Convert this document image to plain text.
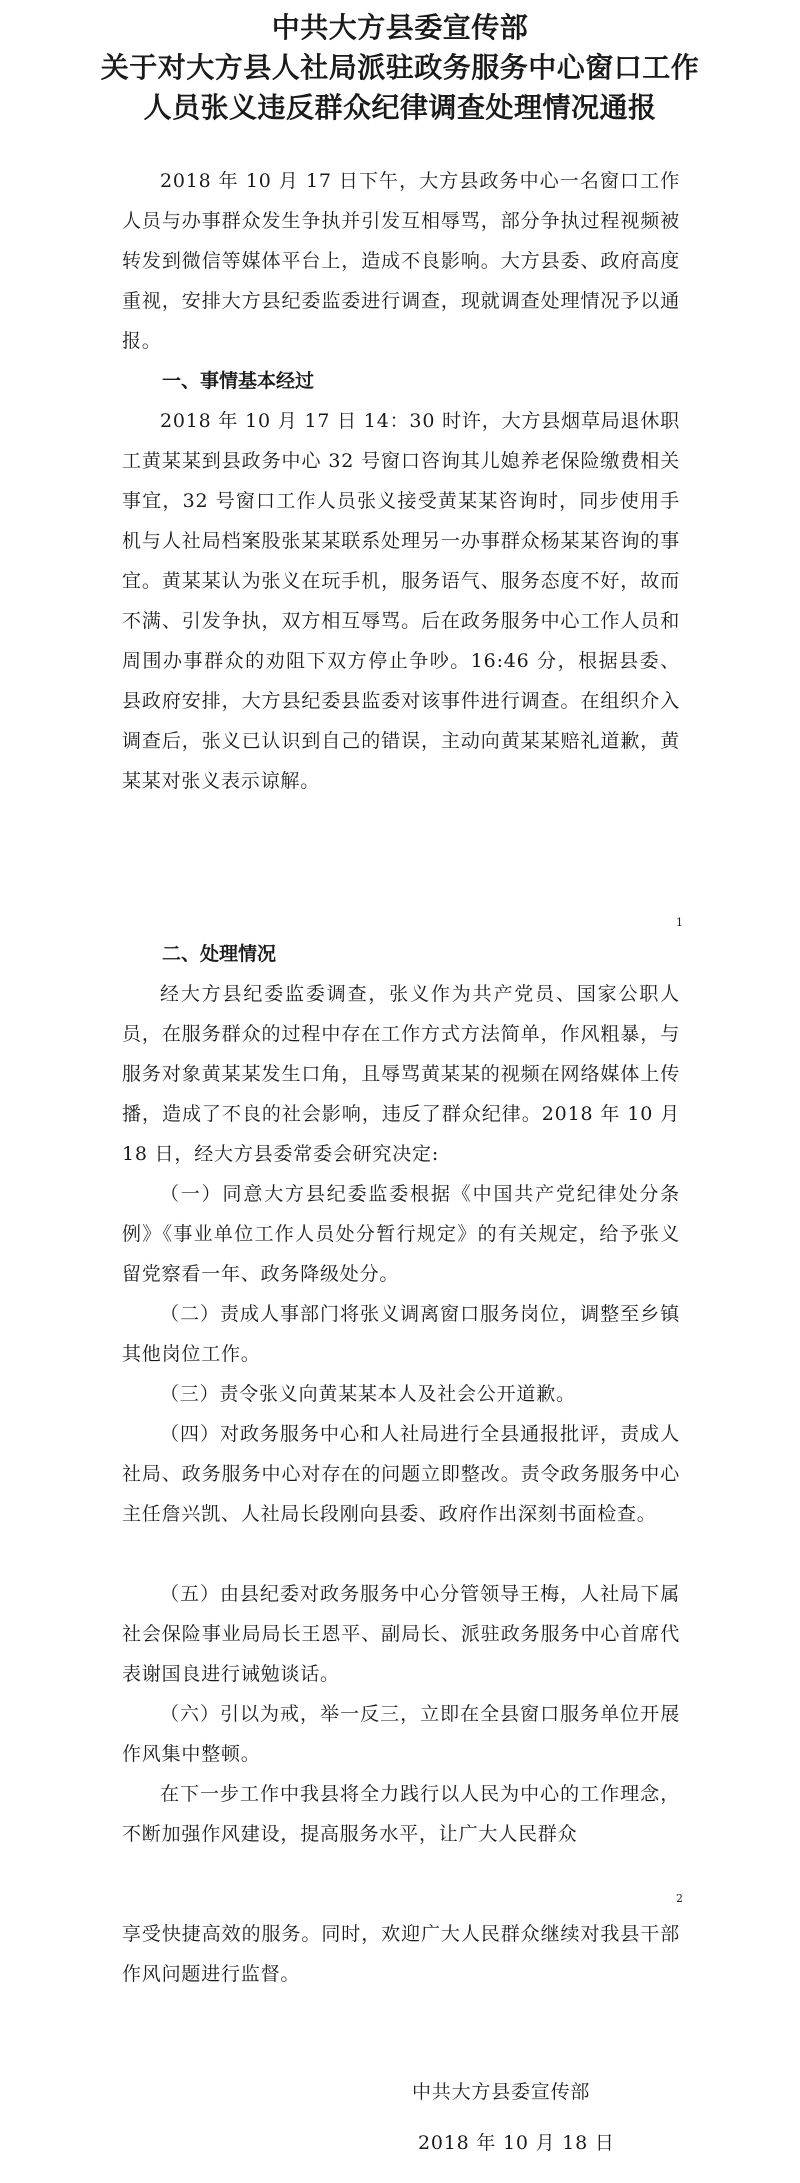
中共大方县委宣传部
关于对大方县人社局派驻政务服务中心窗口工作
人员张义违反群众纪律调查处理情况通报

2018 年 10 月 17 日下午，大方县政务中心一名窗口工作人员与办事群众发生争执并引发互相辱骂，部分争执过程视频被转发到微信等媒体平台上，造成不良影响。大方县委、政府高度重视，安排大方县纪委监委进行调查，现就调查处理情况予以通报。

一、事情基本经过

2018 年 10 月 17 日 14：30 时许，大方县烟草局退休职工黄某某到县政务中心 32 号窗口咨询其儿媳养老保险缴费相关事宜，32 号窗口工作人员张义接受黄某某咨询时，同步使用手机与人社局档案股张某某联系处理另一办事群众杨某某咨询的事宜。黄某某认为张义在玩手机，服务语气、服务态度不好，故而不满、引发争执，双方相互辱骂。后在政务服务中心工作人员和周围办事群众的劝阻下双方停止争吵。16:46 分，根据县委、县政府安排，大方县纪委县监委对该事件进行调查。在组织介入调查后，张义已认识到自己的错误，主动向黄某某赔礼道歉，黄某某对张义表示谅解。

1

二、处理情况

经大方县纪委监委调查，张义作为共产党员、国家公职人员，在服务群众的过程中存在工作方式方法简单，作风粗暴，与服务对象黄某某发生口角，且辱骂黄某某的视频在网络媒体上传播，造成了不良的社会影响，违反了群众纪律。2018 年 10 月 18 日，经大方县委常委会研究决定:

（一）同意大方县纪委监委根据《中国共产党纪律处分条例》《事业单位工作人员处分暂行规定》的有关规定，给予张义留党察看一年、政务降级处分。

（二）责成人事部门将张义调离窗口服务岗位，调整至乡镇其他岗位工作。

（三）责令张义向黄某某本人及社会公开道歉。

（四）对政务服务中心和人社局进行全县通报批评，责成人社局、政务服务中心对存在的问题立即整改。责令政务服务中心主任詹兴凯、人社局长段刚向县委、政府作出深刻书面检查。

（五）由县纪委对政务服务中心分管领导王梅，人社局下属社会保险事业局局长王恩平、副局长、派驻政务服务中心首席代表谢国良进行诫勉谈话。

（六）引以为戒，举一反三，立即在全县窗口服务单位开展作风集中整顿。

在下一步工作中我县将全力践行以人民为中心的工作理念，不断加强作风建设，提高服务水平，让广大人民群众

2

享受快捷高效的服务。同时，欢迎广大人民群众继续对我县干部作风问题进行监督。

中共大方县委宣传部
2018 年 10 月 18 日
